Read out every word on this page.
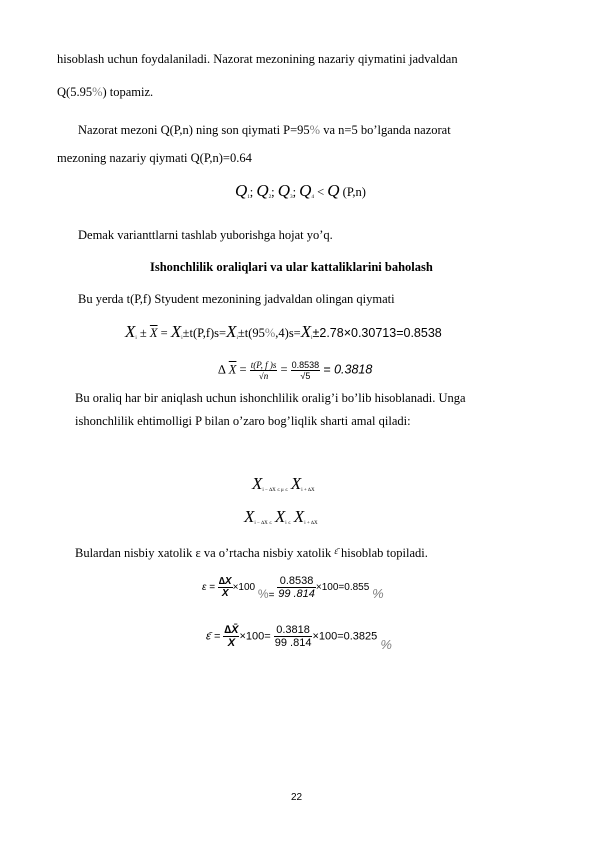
hisoblash uchun foydalaniladi. Nazorat mezonining nazariy qiymatini jadvaldan
Q(5.95%) topamiz.
Nazorat mezoni Q(P,n) ning son qiymati P=95% va n=5 bo’lganda nazorat
mezoning nazariy qiymati Q(P,n)=0.64
$Q_1$; $Q_2$; $Q_3$; $Q_4 < Q$ (P,n)
Demak varianttlarni tashlab yuborishga hojat yo’q.
Ishonchlilik oraliqlari va ular kattaliklarini baholash
Bu yerda t(P,f) Styudent mezonining jadvaldan olingan qiymati
$X_i \pm \overline{X} = X_i\pm t(P,f)s=X_i\pm t(95\%,4)s=X_i\pm 2.78\times 0.30713=0.8538$
∆ $\overline{X} = \frac{t(P, f )s}{√n} = \frac{0.8538}{√5} = 0.3818$
Bu oraliq har bir aniqlash uchun ishonchlilik oralig’i bo’lib hisoblanadi. Unga
ishonchlilik ehtimolligi P bilan o’zaro bog’liqlik sharti amal qiladi:
$X_{i - \Delta X \le \mu \le}$ $X_{i + \Delta X}$
$X_{i - \Delta X \le}$ $X_{i \le}$ $X_{i + \Delta X}$
Bulardan nisbiy xatolik ε va o’rtacha nisbiy xatolik $^{\varepsilon̄}$ hisoblab topiladi.
$\varepsilon = \frac{\Delta X}{X} \times 100$ %= $\frac{0.8538}{99 .814} \times 100=0.855$ %
ε̄ = $\frac{\Delta X̄}{X} \times 100= \frac{0.3818}{99 .814} \times 100=0.3825$ %
22
